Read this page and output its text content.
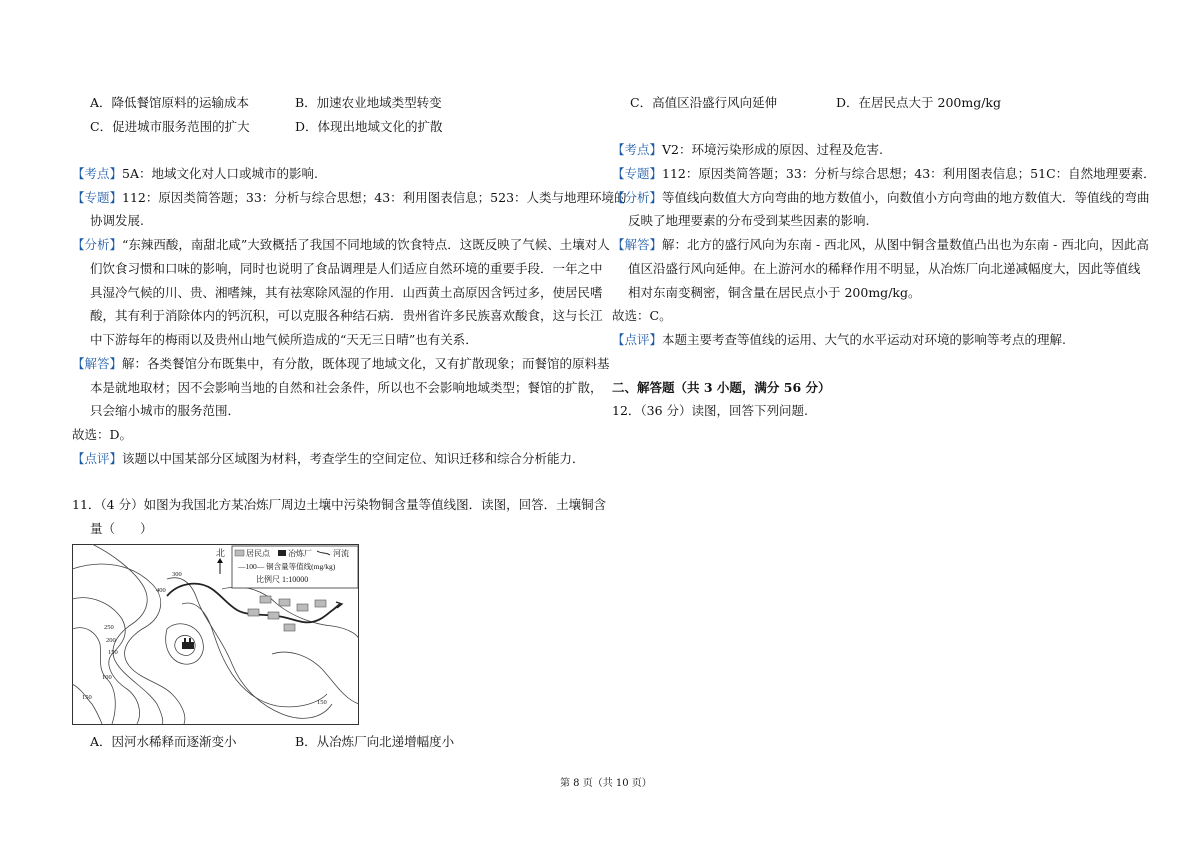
A．降低餐馆原料的运输成本	B．加速农业地域类型转变
C．促进城市服务范围的扩大	D．体现出地域文化的扩散
【考点】5A：地域文化对人口或城市的影响.
【专题】112：原因类简答题；33：分析与综合思想；43：利用图表信息；523：人类与地理环境的
协调发展.
【分析】“东辣西酸，南甜北咸”大致概括了我国不同地域的饮食特点．这既反映了气候、土壤对人
们饮食习惯和口味的影响，同时也说明了食品调理是人们适应自然环境的重要手段．一年之中
具湿冷气候的川、贵、湘嗜辣，其有祛寒除风湿的作用．山西黄土高原因含钙过多，使居民嗜
酸，其有利于消除体内的钙沉积，可以克服各种结石病．贵州省许多民族喜欢酸食，这与长江
中下游每年的梅雨以及贵州山地气候所造成的“天无三日晴”也有关系．
【解答】解：各类餐馆分布既集中，有分散，既体现了地域文化，又有扩散现象；而餐馆的原料基
本是就地取材；因不会影响当地的自然和社会条件，所以也不会影响地域类型；餐馆的扩散，
只会缩小城市的服务范围．
故选：D。
【点评】该题以中国某部分区域图为材料，考查学生的空间定位、知识迁移和综合分析能力．
11．（4 分）如图为我国北方某冶炼厂周边土壤中污染物铜含量等值线图．读图，回答．土壤铜含
量（　　）
北	居民点 冶炼厂	河流
—100— 铜含量等值线(mg/kg)
比例尺 1:10000
300
400
250
200
150
100
150
150
A．因河水稀释而逐渐变小	B．从冶炼厂向北递增幅度小
C．高值区沿盛行风向延伸	D．在居民点大于 200mg/kg
【考点】V2：环境污染形成的原因、过程及危害.
【专题】112：原因类简答题；33：分析与综合思想；43：利用图表信息；51C：自然地理要素．
【分析】等值线向数值大方向弯曲的地方数值小，向数值小方向弯曲的地方数值大．等值线的弯曲
反映了地理要素的分布受到某些因素的影响.
【解答】解：北方的盛行风向为东南 - 西北风，从图中铜含量数值凸出也为东南 - 西北向，因此高
值区沿盛行风向延伸。在上游河水的稀释作用不明显，从冶炼厂向北递减幅度大，因此等值线
相对东南变稠密，铜含量在居民点小于 200mg/kg。
故选：C。
【点评】本题主要考查等值线的运用、大气的水平运动对环境的影响等考点的理解.
二、解答题（共 3 小题，满分 56 分）
12．（36 分）读图，回答下列问题.
第 8 页（共 10 页）
